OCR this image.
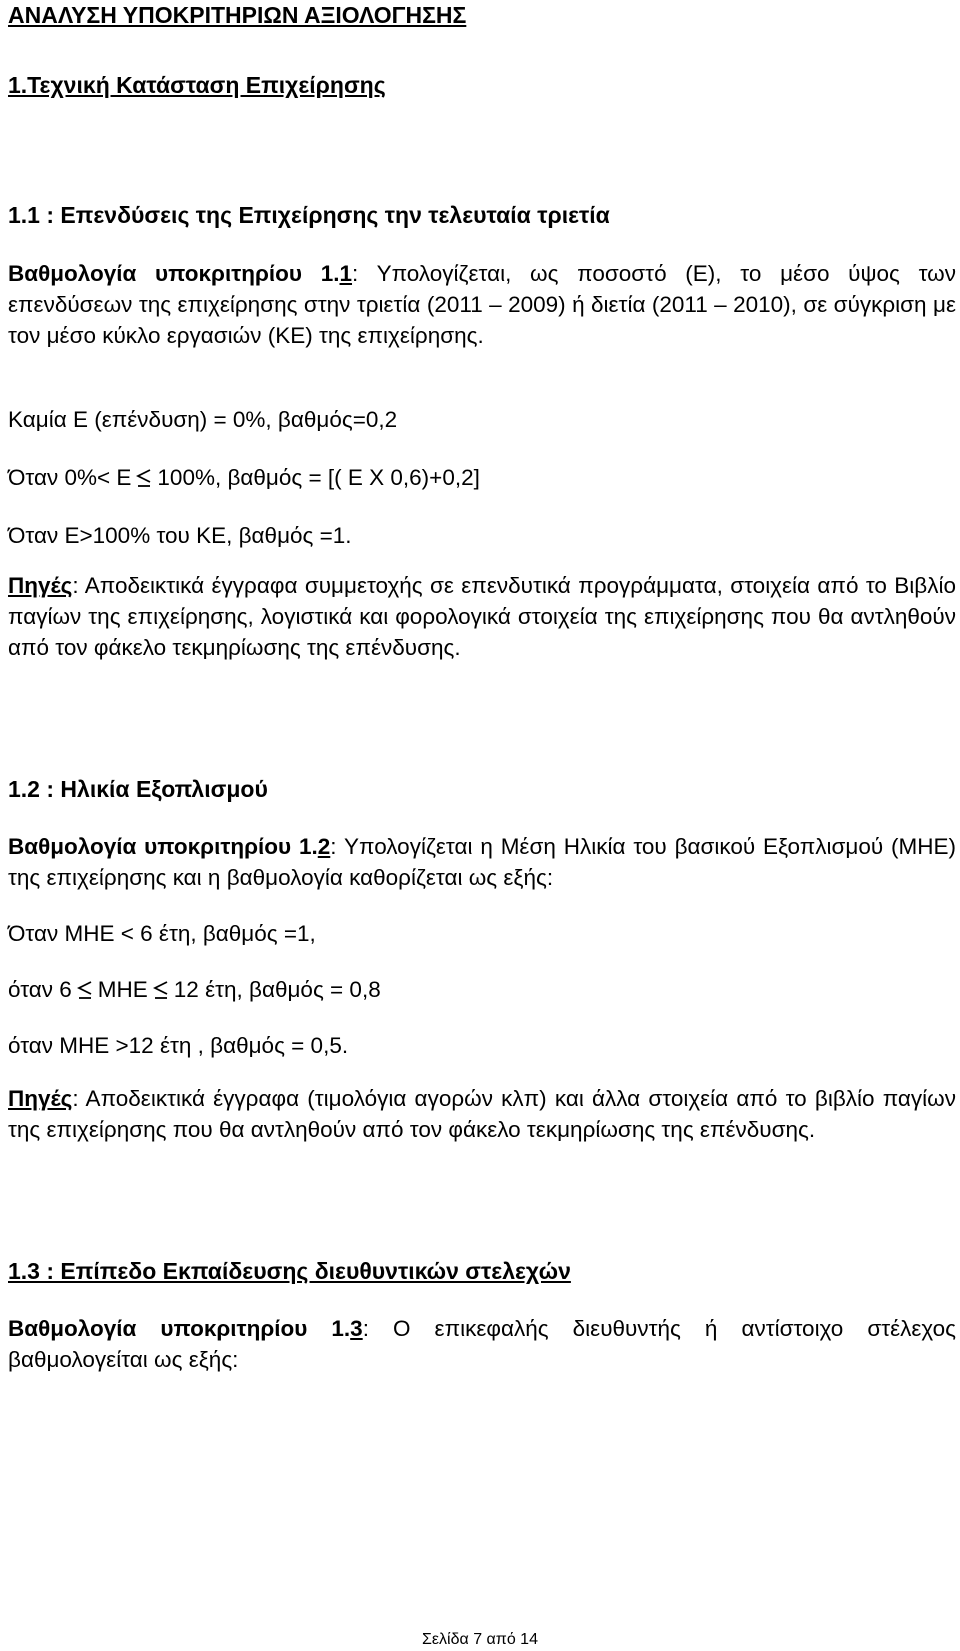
ΑΝΑΛΥΣΗ ΥΠΟΚΡΙΤΗΡΙΩΝ ΑΞΙΟΛΟΓΗΣΗΣ
1.Τεχνική Κατάσταση Επιχείρησης
1.1 : Επενδύσεις της Επιχείρησης την τελευταία τριετία
Βαθμολογία υποκριτηρίου 1.1: Υπολογίζεται, ως ποσοστό (Ε), το μέσο ύψος των επενδύσεων της επιχείρησης στην τριετία (2011 – 2009) ή διετία (2011 – 2010), σε σύγκριση με τον μέσο κύκλο εργασιών (ΚΕ) της επιχείρησης.
Καμία Ε (επένδυση) = 0%, βαθμός=0,2
Όταν 0%< Ε 100%, βαθμός = [( Ε Χ 0,6)+0,2]
Όταν Ε>100% του ΚΕ, βαθμός =1.
Πηγές: Αποδεικτικά έγγραφα συμμετοχής σε επενδυτικά προγράμματα, στοιχεία από το Βιβλίο παγίων της επιχείρησης, λογιστικά και φορολογικά στοιχεία της επιχείρησης που θα αντληθούν από τον φάκελο τεκμηρίωσης της επένδυσης.
1.2 : Ηλικία Εξοπλισμού
Βαθμολογία υποκριτηρίου 1.2: Υπολογίζεται η Μέση Ηλικία του βασικού Εξοπλισμού (ΜΗΕ) της επιχείρησης και η βαθμολογία καθορίζεται ως εξής:
Όταν ΜΗΕ < 6 έτη, βαθμός =1,
όταν 6 ΜΗΕ 12 έτη, βαθμός = 0,8
όταν ΜΗΕ >12 έτη , βαθμός = 0,5.
Πηγές: Αποδεικτικά έγγραφα (τιμολόγια αγορών κλπ) και άλλα στοιχεία από το βιβλίο παγίων της επιχείρησης που θα αντληθούν από τον φάκελο τεκμηρίωσης της επένδυσης.
1.3 : Επίπεδο Εκπαίδευσης διευθυντικών στελεχών
Βαθμολογία υποκριτηρίου 1.3: Ο επικεφαλής διευθυντής ή αντίστοιχο στέλεχος βαθμολογείται ως εξής:
Σελίδα 7 από 14
